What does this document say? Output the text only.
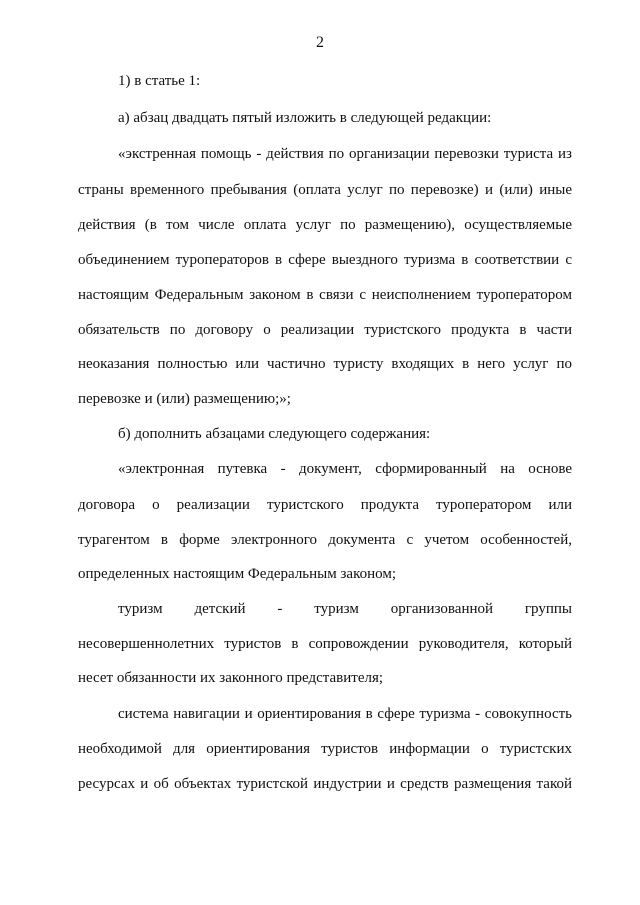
2
1) в статье 1:
а) абзац двадцать пятый изложить в следующей редакции:
«экстренная помощь - действия по организации перевозки туриста из
страны временного пребывания (оплата услуг по перевозке) и (или) иные
действия (в том числе оплата услуг по размещению), осуществляемые
объединением туроператоров в сфере выездного туризма в соответствии с
настоящим Федеральным законом в связи с неисполнением туроператором
обязательств по договору о реализации туристского продукта в части
неоказания полностью или частично туристу входящих в него услуг по
перевозке и (или) размещению;»;
б) дополнить абзацами следующего содержания:
«электронная путевка - документ, сформированный на основе
договора о реализации туристского продукта туроператором или
турагентом в форме электронного документа с учетом особенностей,
определенных настоящим Федеральным законом;
туризм детский - туризм организованной группы
несовершеннолетних туристов в сопровождении руководителя, который
несет обязанности их законного представителя;
система навигации и ориентирования в сфере туризма - совокупность
необходимой для ориентирования туристов информации о туристских
ресурсах и об объектах туристской индустрии и средств размещения такой
